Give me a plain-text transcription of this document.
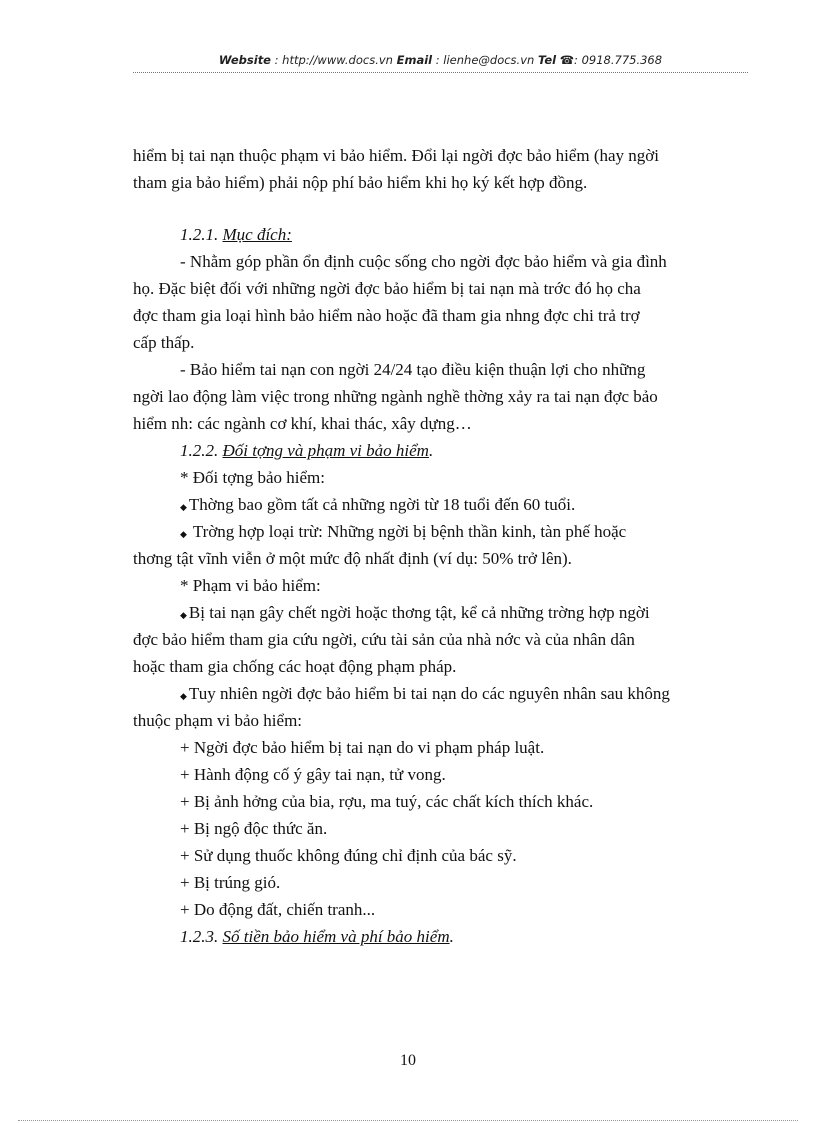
Website : http://www.docs.vn Email : lienhe@docs.vn Tel ☎: 0918.775.368

hiểm bị tai nạn thuộc phạm vi bảo hiểm. Đổi lại ngời đợc bảo hiểm (hay ngời

tham gia bảo hiểm) phải nộp phí bảo hiểm khi họ ký kết hợp đồng.

1.2.1. Mục đích:

- Nhằm góp phần ổn định cuộc sống cho ngời đợc bảo hiểm và gia đình

họ. Đặc biệt đối với những ngời đợc bảo hiểm bị tai nạn mà trớc đó họ cha

đợc tham gia loại hình bảo hiểm nào hoặc đã tham gia nhng đợc chi trả trợ

cấp thấp.

- Bảo hiểm tai nạn con ngời 24/24 tạo điều kiện thuận lợi cho những

ngời lao động làm việc trong những ngành nghề thờng xảy ra tai nạn đợc bảo

hiểm nh: các ngành cơ khí, khai thác, xây dựng…

1.2.2. Đối tợng và phạm vi bảo hiểm.

* Đối tợng bảo hiểm:

◆ Thờng bao gồm tất cả những ngời từ 18 tuổi đến 60 tuổi.

◆ Trờng hợp loại trừ: Những ngời bị bệnh thần kinh, tàn phế hoặc

thơng tật vĩnh viễn ở một mức độ nhất định (ví dụ: 50% trở lên).

* Phạm vi bảo hiểm:

◆ Bị tai nạn gây chết ngời hoặc thơng tật, kể cả những trờng hợp ngời

đợc bảo hiểm tham gia cứu ngời, cứu tài sản của nhà nớc và của nhân dân

hoặc tham gia chống các hoạt động phạm pháp.

◆ Tuy nhiên ngời đợc bảo hiểm bi tai nạn do các nguyên nhân sau không

thuộc phạm vi bảo hiểm:

+ Ngời đợc bảo hiểm bị tai nạn do vi phạm pháp luật.

+ Hành động cố ý gây tai nạn, tử vong.

+ Bị ảnh hởng của bia, rợu, ma tuý, các chất kích thích khác.

+ Bị ngộ độc thức ăn.

+ Sử dụng thuốc không đúng chỉ định của bác sỹ.

+ Bị trúng gió.

+ Do động đất, chiến tranh...

1.2.3. Số tiền bảo hiểm và phí bảo hiểm.

10
